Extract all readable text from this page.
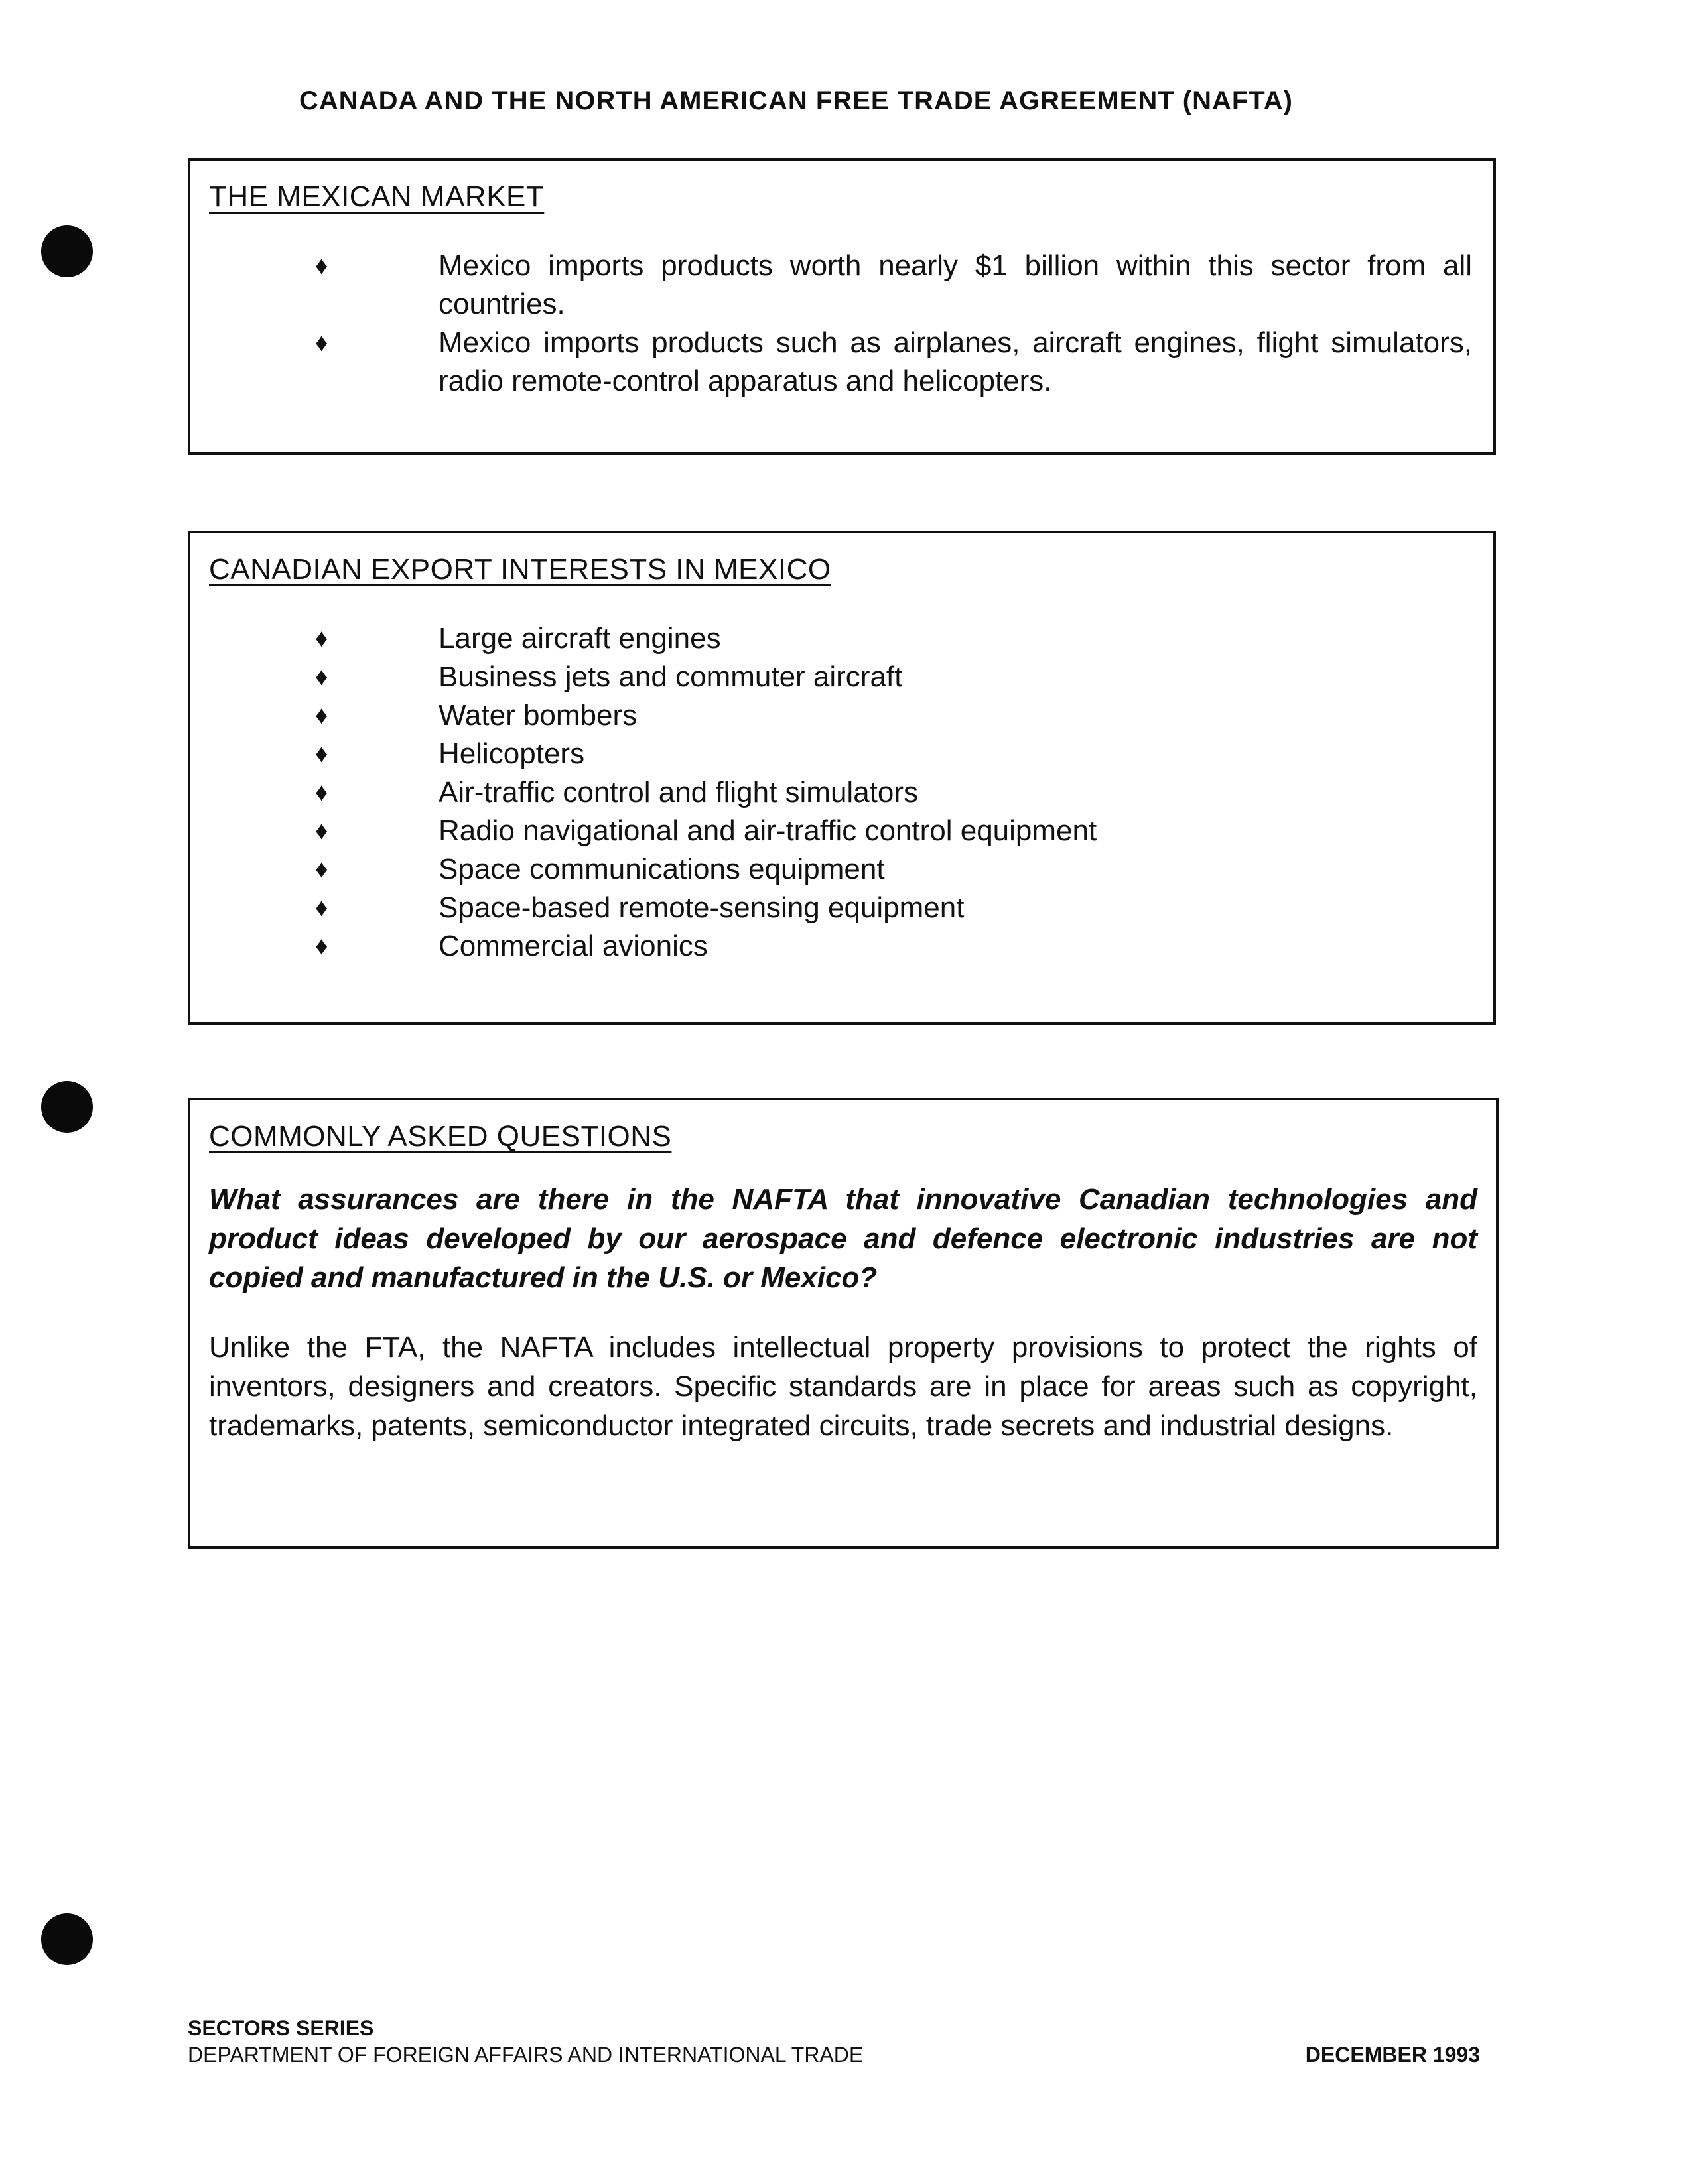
CANADA AND THE NORTH AMERICAN FREE TRADE AGREEMENT (NAFTA)
THE MEXICAN MARKET
♦	Mexico imports products worth nearly $1 billion within this sector from all countries.
♦	Mexico imports products such as airplanes, aircraft engines, flight simulators, radio remote-control apparatus and helicopters.
CANADIAN EXPORT INTERESTS IN MEXICO
♦	Large aircraft engines
♦	Business jets and commuter aircraft
♦	Water bombers
♦	Helicopters
♦	Air-traffic control and flight simulators
♦	Radio navigational and air-traffic control equipment
♦	Space communications equipment
♦	Space-based remote-sensing equipment
♦	Commercial avionics
COMMONLY ASKED QUESTIONS

What assurances are there in the NAFTA that innovative Canadian technologies and product ideas developed by our aerospace and defence electronic industries are not copied and manufactured in the U.S. or Mexico?

Unlike the FTA, the NAFTA includes intellectual property provisions to protect the rights of inventors, designers and creators. Specific standards are in place for areas such as copyright, trademarks, patents, semiconductor integrated circuits, trade secrets and industrial designs.

SECTORS SERIES
DEPARTMENT OF FOREIGN AFFAIRS AND INTERNATIONAL TRADE	DECEMBER 1993
